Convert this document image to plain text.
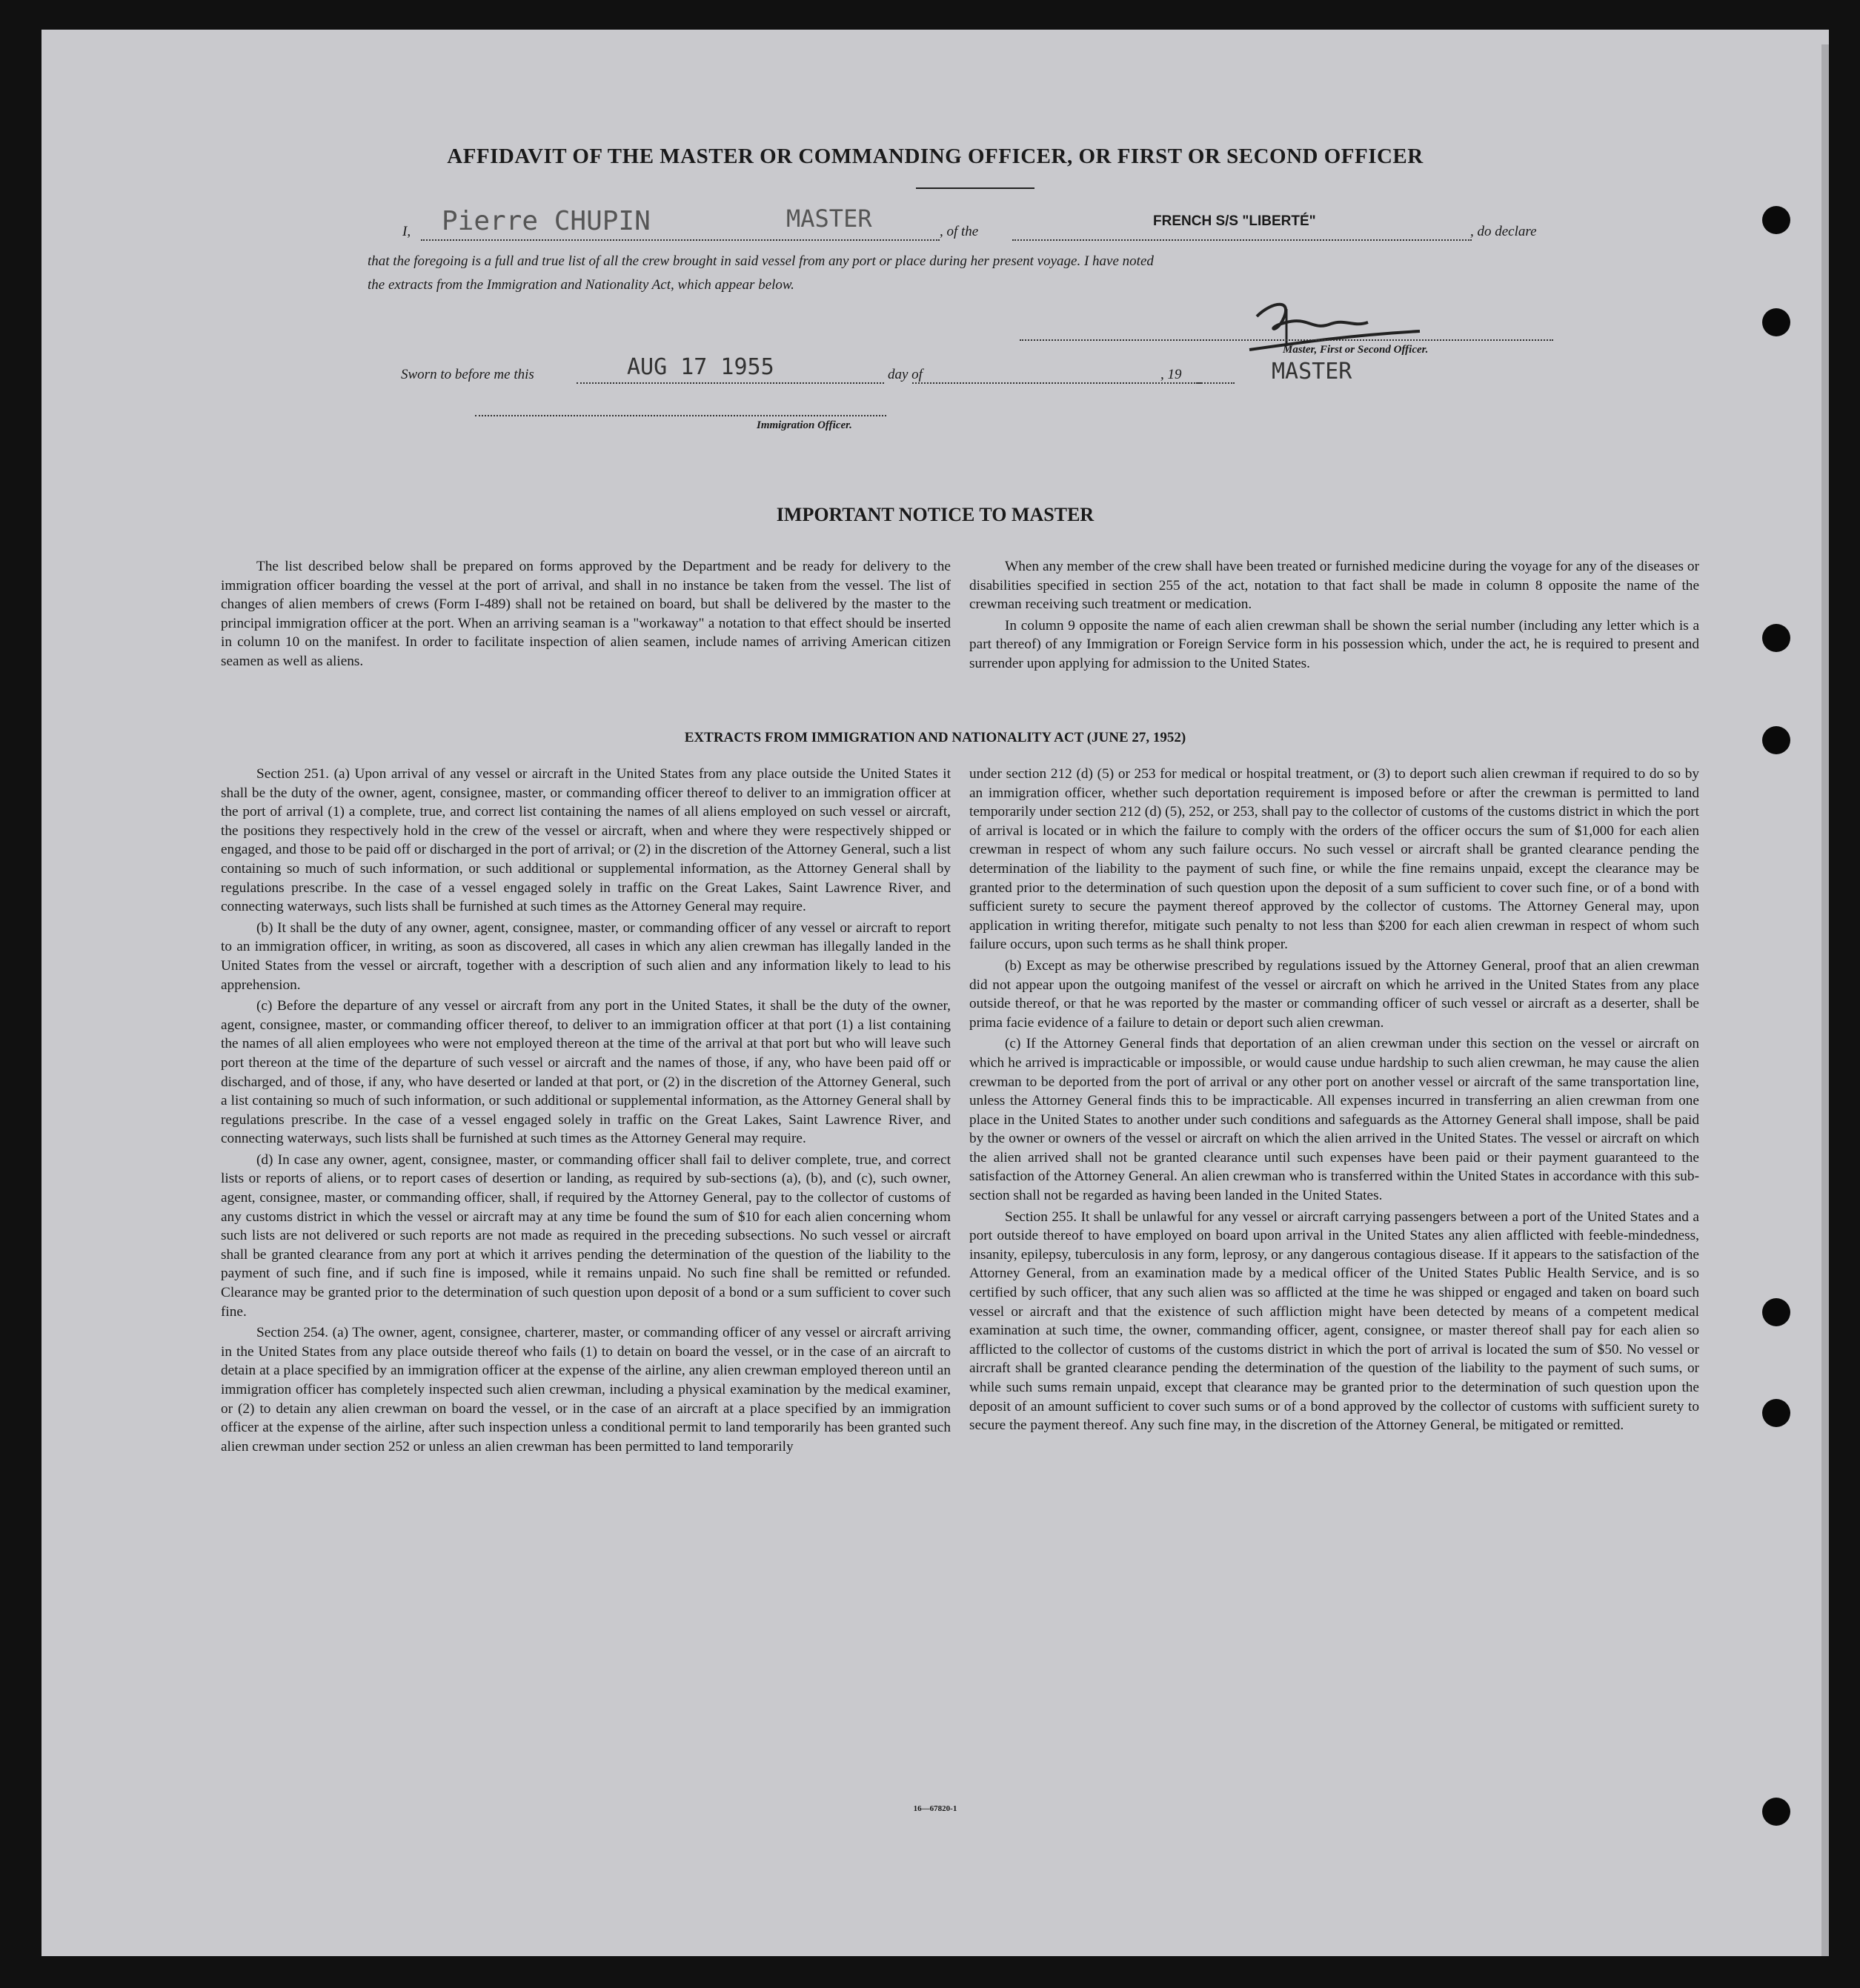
AFFIDAVIT OF THE MASTER OR COMMANDING OFFICER, OR FIRST OR SECOND OFFICER
I, Pierre CHUPIN	MASTER	, of the
FRENCH S/S "LIBERTÉ"
, do declare
that the foregoing is a full and true list of all the crew brought in said vessel from any port or place during her present voyage. I have noted
the extracts from the Immigration and Nationality Act, which appear below.
Master, First or Second Officer.
Sworn to before me this	AUG 17 1955	day of	, 19	MASTER
Immigration Officer.
IMPORTANT NOTICE TO MASTER

The list described below shall be prepared on forms approved by the Department and be ready for delivery to the immigration officer boarding the vessel at the port of arrival, and shall in no instance be taken from the vessel. The list of changes of alien members of crews (Form I-489) shall not be retained on board, but shall be delivered by the master to the principal immigration officer at the port. When an arriving seaman is a "workaway" a notation to that effect should be inserted in column 10 on the manifest. In order to facilitate inspection of alien seamen, include names of arriving American citizen seamen as well as aliens.

When any member of the crew shall have been treated or furnished medicine during the voyage for any of the diseases or disabilities specified in section 255 of the act, notation to that fact shall be made in column 8 opposite the name of the crewman receiving such treatment or medication.

In column 9 opposite the name of each alien crewman shall be shown the serial number (including any letter which is a part thereof) of any Immigration or Foreign Service form in his possession which, under the act, he is required to present and surrender upon applying for admission to the United States.

EXTRACTS FROM IMMIGRATION AND NATIONALITY ACT (JUNE 27, 1952)

Section 251. (a) Upon arrival of any vessel or aircraft in the United States from any place outside the United States it shall be the duty of the owner, agent, consignee, master, or commanding officer thereof to deliver to an immigration officer at the port of arrival (1) a complete, true, and correct list containing the names of all aliens employed on such vessel or aircraft, the positions they respectively hold in the crew of the vessel or aircraft, when and where they were respectively shipped or engaged, and those to be paid off or discharged in the port of arrival; or (2) in the discretion of the Attorney General, such a list containing so much of such information, or such additional or supplemental information, as the Attorney General shall by regulations prescribe. In the case of a vessel engaged solely in traffic on the Great Lakes, Saint Lawrence River, and connecting waterways, such lists shall be furnished at such times as the Attorney General may require.

(b) It shall be the duty of any owner, agent, consignee, master, or commanding officer of any vessel or aircraft to report to an immigration officer, in writing, as soon as discovered, all cases in which any alien crewman has illegally landed in the United States from the vessel or aircraft, together with a description of such alien and any information likely to lead to his apprehension.

(c) Before the departure of any vessel or aircraft from any port in the United States, it shall be the duty of the owner, agent, consignee, master, or commanding officer thereof, to deliver to an immigration officer at that port (1) a list containing the names of all alien employees who were not employed thereon at the time of the arrival at that port but who will leave such port thereon at the time of the departure of such vessel or aircraft and the names of those, if any, who have been paid off or discharged, and of those, if any, who have deserted or landed at that port, or (2) in the discretion of the Attorney General, such a list containing so much of such information, or such additional or supplemental information, as the Attorney General shall by regulations prescribe. In the case of a vessel engaged solely in traffic on the Great Lakes, Saint Lawrence River, and connecting waterways, such lists shall be furnished at such times as the Attorney General may require.

(d) In case any owner, agent, consignee, master, or commanding officer shall fail to deliver complete, true, and correct lists or reports of aliens, or to report cases of desertion or landing, as required by sub-sections (a), (b), and (c), such owner, agent, consignee, master, or commanding officer, shall, if required by the Attorney General, pay to the collector of customs of any customs district in which the vessel or aircraft may at any time be found the sum of $10 for each alien concerning whom such lists are not delivered or such reports are not made as required in the preceding subsections. No such vessel or aircraft shall be granted clearance from any port at which it arrives pending the determination of the question of the liability to the payment of such fine, and if such fine is imposed, while it remains unpaid. No such fine shall be remitted or refunded. Clearance may be granted prior to the determination of such question upon deposit of a bond or a sum sufficient to cover such fine.

Section 254. (a) The owner, agent, consignee, charterer, master, or commanding officer of any vessel or aircraft arriving in the United States from any place outside thereof who fails (1) to detain on board the vessel, or in the case of an aircraft to detain at a place specified by an immigration officer at the expense of the airline, any alien crewman employed thereon until an immigration officer has completely inspected such alien crewman, including a physical examination by the medical examiner, or (2) to detain any alien crewman on board the vessel, or in the case of an aircraft at a place specified by an immigration officer at the expense of the airline, after such inspection unless a conditional permit to land temporarily has been granted such alien crewman under section 252 or unless an alien crewman has been permitted to land temporarily

under section 212 (d) (5) or 253 for medical or hospital treatment, or (3) to deport such alien crewman if required to do so by an immigration officer, whether such deportation requirement is imposed before or after the crewman is permitted to land temporarily under section 212 (d) (5), 252, or 253, shall pay to the collector of customs of the customs district in which the port of arrival is located or in which the failure to comply with the orders of the officer occurs the sum of $1,000 for each alien crewman in respect of whom any such failure occurs. No such vessel or aircraft shall be granted clearance pending the determination of the liability to the payment of such fine, or while the fine remains unpaid, except the clearance may be granted prior to the determination of such question upon the deposit of a sum sufficient to cover such fine, or of a bond with sufficient surety to secure the payment thereof approved by the collector of customs. The Attorney General may, upon application in writing therefor, mitigate such penalty to not less than $200 for each alien crewman in respect of whom such failure occurs, upon such terms as he shall think proper.

(b) Except as may be otherwise prescribed by regulations issued by the Attorney General, proof that an alien crewman did not appear upon the outgoing manifest of the vessel or aircraft on which he arrived in the United States from any place outside thereof, or that he was reported by the master or commanding officer of such vessel or aircraft as a deserter, shall be prima facie evidence of a failure to detain or deport such alien crewman.

(c) If the Attorney General finds that deportation of an alien crewman under this section on the vessel or aircraft on which he arrived is impracticable or impossible, or would cause undue hardship to such alien crewman, he may cause the alien crewman to be deported from the port of arrival or any other port on another vessel or aircraft of the same transportation line, unless the Attorney General finds this to be impracticable. All expenses incurred in transferring an alien crewman from one place in the United States to another under such conditions and safeguards as the Attorney General shall impose, shall be paid by the owner or owners of the vessel or aircraft on which the alien arrived in the United States. The vessel or aircraft on which the alien arrived shall not be granted clearance until such expenses have been paid or their payment guaranteed to the satisfaction of the Attorney General. An alien crewman who is transferred within the United States in accordance with this sub-section shall not be regarded as having been landed in the United States.

Section 255. It shall be unlawful for any vessel or aircraft carrying passengers between a port of the United States and a port outside thereof to have employed on board upon arrival in the United States any alien afflicted with feeble-mindedness, insanity, epilepsy, tuberculosis in any form, leprosy, or any dangerous contagious disease. If it appears to the satisfaction of the Attorney General, from an examination made by a medical officer of the United States Public Health Service, and is so certified by such officer, that any such alien was so afflicted at the time he was shipped or engaged and taken on board such vessel or aircraft and that the existence of such affliction might have been detected by means of a competent medical examination at such time, the owner, commanding officer, agent, consignee, or master thereof shall pay for each alien so afflicted to the collector of customs of the customs district in which the port of arrival is located the sum of $50. No vessel or aircraft shall be granted clearance pending the determination of the question of the liability to the payment of such sums, or while such sums remain unpaid, except that clearance may be granted prior to the determination of such question upon the deposit of an amount sufficient to cover such sums or of a bond approved by the collector of customs with sufficient surety to secure the payment thereof. Any such fine may, in the discretion of the Attorney General, be mitigated or remitted.

16—67820-1
